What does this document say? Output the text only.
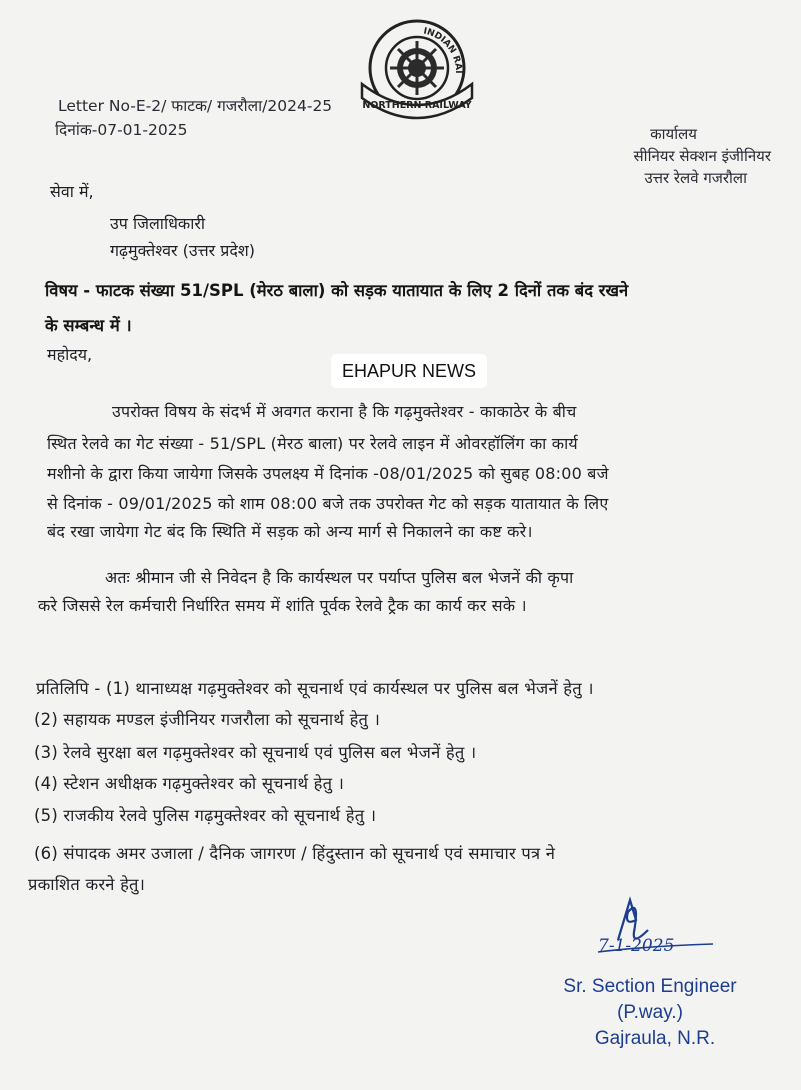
INDIAN RAI
NORTHERN RAILWAY
Letter No-E-2/ फाटक/ गजरौला/2024-25
दिनांक-07-01-2025	कार्यालय
सीनियर सेक्शन इंजीनियर
उत्तर रेलवे गजरौला
सेवा में,
उप जिलाधिकारी
गढ़मुक्तेश्वर (उत्तर प्रदेश)
विषय - फाटक संख्या 51/SPL (मेरठ बाला) को सड़क यातायात के लिए 2 दिनों तक बंद रखने
के सम्बन्ध में ।
महोदय,
EHAPUR NEWS
उपरोक्त विषय के संदर्भ में अवगत कराना है कि गढ़मुक्तेश्वर - काकाठेर के बीच
स्थित रेलवे का गेट संख्या - 51/SPL (मेरठ बाला) पर रेलवे लाइन में ओवरहॉलिंग का कार्य
मशीनो के द्वारा किया जायेगा जिसके उपलक्ष्य में दिनांक -08/01/2025 को सुबह 08:00 बजे
से दिनांक - 09/01/2025 को शाम 08:00 बजे तक उपरोक्त गेट को सड़क यातायात के लिए
बंद रखा जायेगा गेट बंद कि स्थिति में सड़क को अन्य मार्ग से निकालने का कष्ट करे।
अतः श्रीमान जी से निवेदन है कि कार्यस्थल पर पर्याप्त पुलिस बल भेजनें की कृपा
करे जिससे रेल कर्मचारी निर्धारित समय में शांति पूर्वक रेलवे ट्रैक का कार्य कर सके ।
प्रतिलिपि - (1) थानाध्यक्ष गढ़मुक्तेश्वर को सूचनार्थ एवं कार्यस्थल पर पुलिस बल भेजनें हेतु ।
(2) सहायक मण्डल इंजीनियर गजरौला को सूचनार्थ हेतु ।
(3) रेलवे सुरक्षा बल गढ़मुक्तेश्वर को सूचनार्थ एवं पुलिस बल भेजनें हेतु ।
(4) स्टेशन अधीक्षक गढ़मुक्तेश्वर को सूचनार्थ हेतु ।
(5) राजकीय रेलवे पुलिस गढ़मुक्तेश्वर को सूचनार्थ हेतु ।
(6) संपादक अमर उजाला / दैनिक जागरण / हिंदुस्तान को सूचनार्थ एवं समाचार पत्र ने
प्रकाशित करने हेतु।
7-1-2025
Sr. Section Engineer
(P.way.)
Gajraula, N.R.
